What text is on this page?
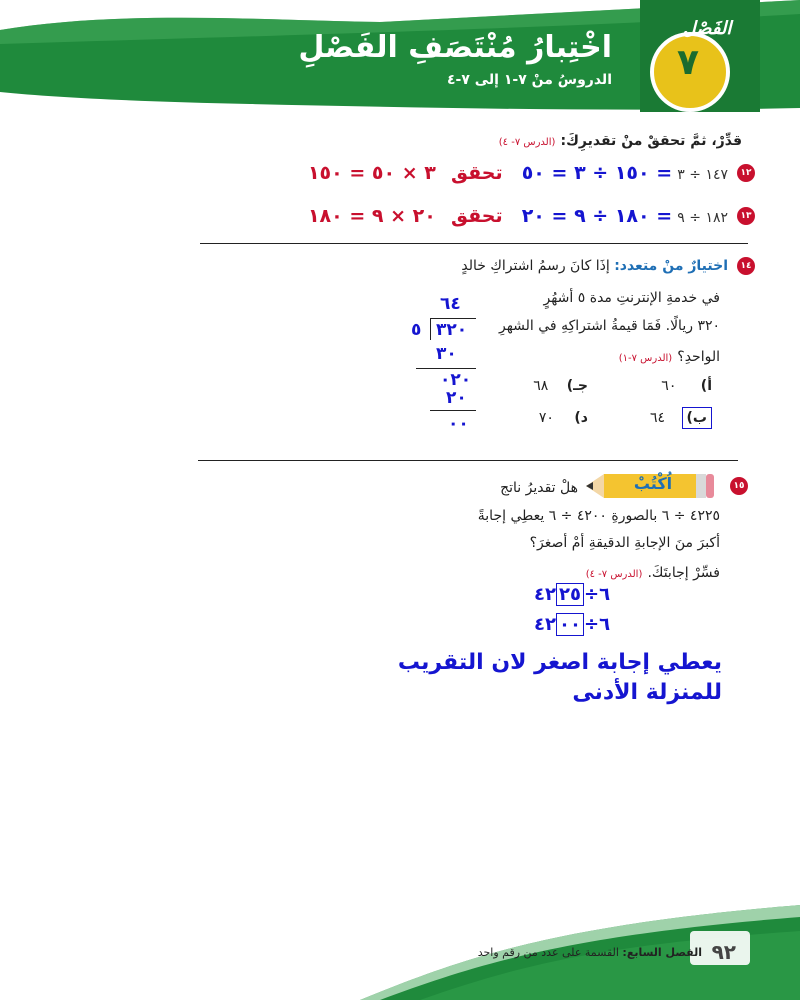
الفَصْل
٧
اخْتِبارُ مُنْتَصَفِ الفَصْلِ
الدروسُ منْ ٧-١ إلى ٧-٤
قدِّرْ، ثمَّ تحققْ منْ تقديرِكَ: (الدرس ٧- ٤)
١٢
١٤٧ ÷ ٣ = ١٥٠ ÷ ٣ = ٥٠ تحقق ٣ × ٥٠ = ١٥٠
١٣
١٨٢ ÷ ٩ = ١٨٠ ÷ ٩ = ٢٠ تحقق ٢٠ × ٩ = ١٨٠
١٤
اختيارٌ منْ متعدد: إذَا كانَ رسمُ اشتراكِ خالدٍ
في خدمةِ الإنترنتِ مدة ٥ أشهُرٍ
٣٢٠ ريالًا. فَمَا قيمةُ اشتراكِهِ في الشهرِ
الواحدِ؟ (الدرس ٧-١)
أ) ٦٠
جـ) ٦٨
ب) ٦٤
د) ٧٠
٦٤
٣٢٠
٥
٣٠
٠٢٠
٢٠
٠٠
١٥
اُكْتُبْ
هلْ تقديرُ ناتج
٤٢٢٥ ÷ ٦ بالصورةِ ٤٢٠٠ ÷ ٦ يعطِي إجابةً
أكبرَ منَ الإجابةِ الدقيقةِ أمْ أصغرَ؟
فسِّرْ إجابتَكَ. (الدرس ٧- ٤)
٦÷٤٢٢٥
٦÷٤٢٠٠
يعطي إجابة اصغر لان التقريب للمنزلة الأدنى
٩٢
الفصل السابع: القسمة على عدد من رقم واحد
